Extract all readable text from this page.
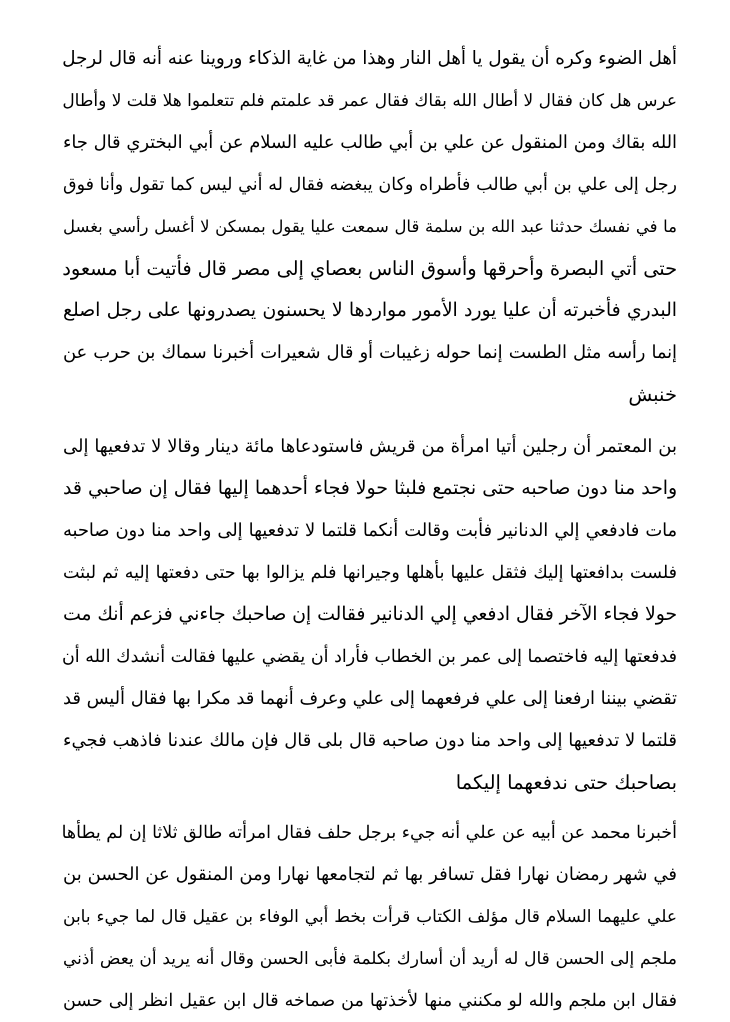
أهل الضوء وكره أن يقول يا أهل النار وهذا من غاية الذكاء وروينا عنه أنه قال لرجل
عرس هل كان فقال لا أطال الله بقاك فقال عمر قد علمتم فلم تتعلموا هلا قلت لا وأطال
الله بقاك ومن المنقول عن علي بن أبي طالب عليه السلام عن أبي البختري قال جاء
رجل إلى علي بن أبي طالب فأطراه وكان يبغضه فقال له أني ليس كما تقول وأنا فوق
ما في نفسك حدثنا عبد الله بن سلمة قال سمعت عليا يقول بمسكن لا أغسل رأسي بغسل
حتى أتي البصرة وأحرقها وأسوق الناس بعصاي إلى مصر قال فأتيت أبا مسعود
البدري فأخبرته أن عليا يورد الأمور مواردها لا يحسنون يصدرونها على رجل اصلع
إنما رأسه مثل الطست إنما حوله زغيبات أو قال شعيرات أخبرنا سماك بن حرب عن
خنبش
بن المعتمر أن رجلين أتيا امرأة من قريش فاستودعاها مائة دينار وقالا لا تدفعيها إلى
واحد منا دون صاحبه حتى نجتمع فلبثا حولا فجاء أحدهما إليها فقال إن صاحبي قد
مات فادفعي إلي الدنانير فأبت وقالت أنكما قلتما لا تدفعيها إلى واحد منا دون صاحبه
فلست بدافعتها إليك فثقل عليها بأهلها وجيرانها فلم يزالوا بها حتى دفعتها إليه ثم لبثت
حولا فجاء الآخر فقال ادفعي إلي الدنانير فقالت إن صاحبك جاءني فزعم أنك مت
فدفعتها إليه فاختصما إلى عمر بن الخطاب فأراد أن يقضي عليها فقالت أنشدك الله أن
تقضي بيننا ارفعنا إلى علي فرفعهما إلى علي وعرف أنهما قد مكرا بها فقال أليس قد
قلتما لا تدفعيها إلى واحد منا دون صاحبه قال بلى قال فإن مالك عندنا فاذهب فجيء
بصاحبك حتى ندفعهما إليكما
أخبرنا محمد عن أبيه عن علي أنه جيء برجل حلف فقال امرأته طالق ثلاثا إن لم يطأها
في شهر رمضان نهارا فقل تسافر بها ثم لتجامعها نهارا ومن المنقول عن الحسن بن
علي عليهما السلام قال مؤلف الكتاب قرأت بخط أبي الوفاء بن عقيل قال لما جيء بابن
ملجم إلى الحسن قال له أريد أن أسارك بكلمة فأبى الحسن وقال أنه يريد أن يعض أذني
فقال ابن ملجم والله لو مكنني منها لأخذتها من صماخه قال ابن عقيل انظر إلى حسن
